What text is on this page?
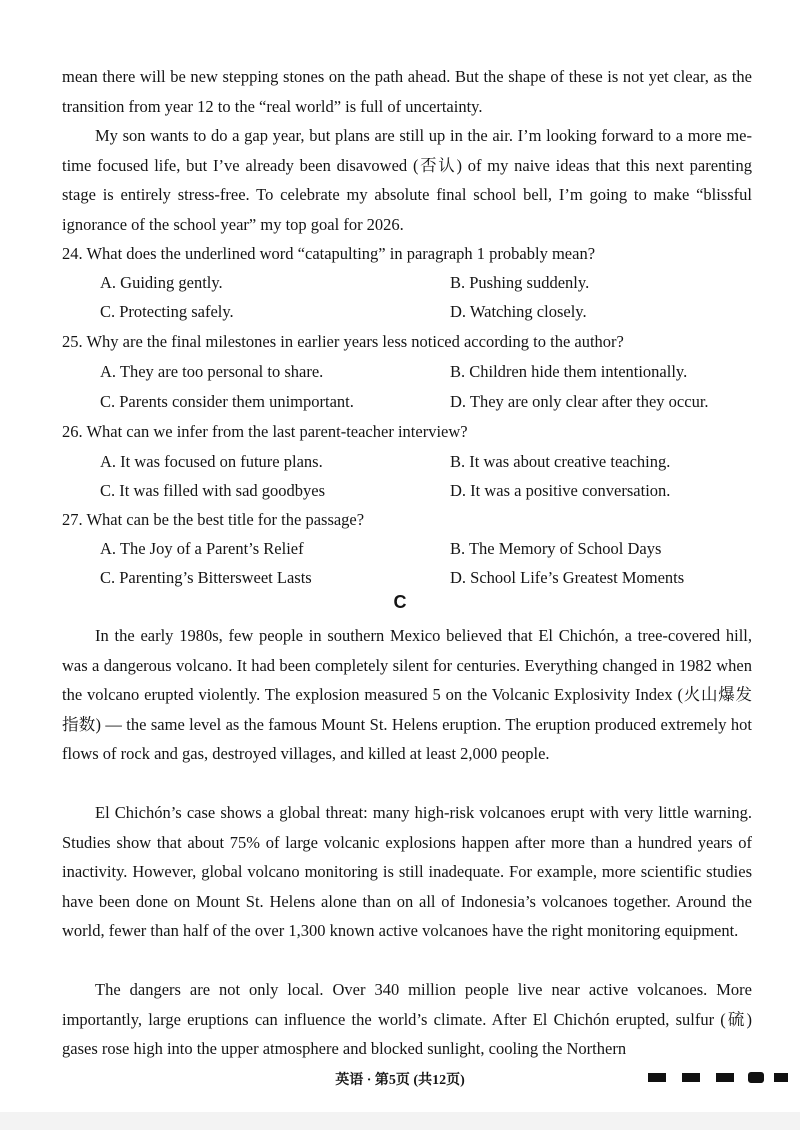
mean there will be new stepping stones on the path ahead. But the shape of these is not yet clear, as the transition from year 12 to the “real world” is full of uncertainty.

My son wants to do a gap year, but plans are still up in the air. I’m looking forward to a more me-time focused life, but I’ve already been disavowed (否认) of my naive ideas that this next parenting stage is entirely stress-free. To celebrate my absolute final school bell, I’m going to make “blissful ignorance of the school year” my top goal for 2026.

24. What does the underlined word “catapulting” in paragraph 1 probably mean?
A. Guiding gently.	B. Pushing suddenly.
C. Protecting safely.	D. Watching closely.
25. Why are the final milestones in earlier years less noticed according to the author?
A. They are too personal to share.	B. Children hide them intentionally.
C. Parents consider them unimportant.	D. They are only clear after they occur.
26. What can we infer from the last parent-teacher interview?
A. It was focused on future plans.	B. It was about creative teaching.
C. It was filled with sad goodbyes	D. It was a positive conversation.
27. What can be the best title for the passage?
A. The Joy of a Parent’s Relief	B. The Memory of School Days
C. Parenting’s Bittersweet Lasts	D. School Life’s Greatest Moments
C

In the early 1980s, few people in southern Mexico believed that El Chichón, a tree-covered hill, was a dangerous volcano. It had been completely silent for centuries. Everything changed in 1982 when the volcano erupted violently. The explosion measured 5 on the Volcanic Explosivity Index (火山爆发指数) — the same level as the famous Mount St. Helens eruption. The eruption produced extremely hot flows of rock and gas, destroyed villages, and killed at least 2,000 people.

El Chichón’s case shows a global threat: many high-risk volcanoes erupt with very little warning. Studies show that about 75% of large volcanic explosions happen after more than a hundred years of inactivity. However, global volcano monitoring is still inadequate. For example, more scientific studies have been done on Mount St. Helens alone than on all of Indonesia’s volcanoes together. Around the world, fewer than half of the over 1,300 known active volcanoes have the right monitoring equipment.

The dangers are not only local. Over 340 million people live near active volcanoes. More importantly, large eruptions can influence the world’s climate. After El Chichón erupted, sulfur (硫) gases rose high into the upper atmosphere and blocked sunlight, cooling the Northern

英语 · 第5页 (共12页)
